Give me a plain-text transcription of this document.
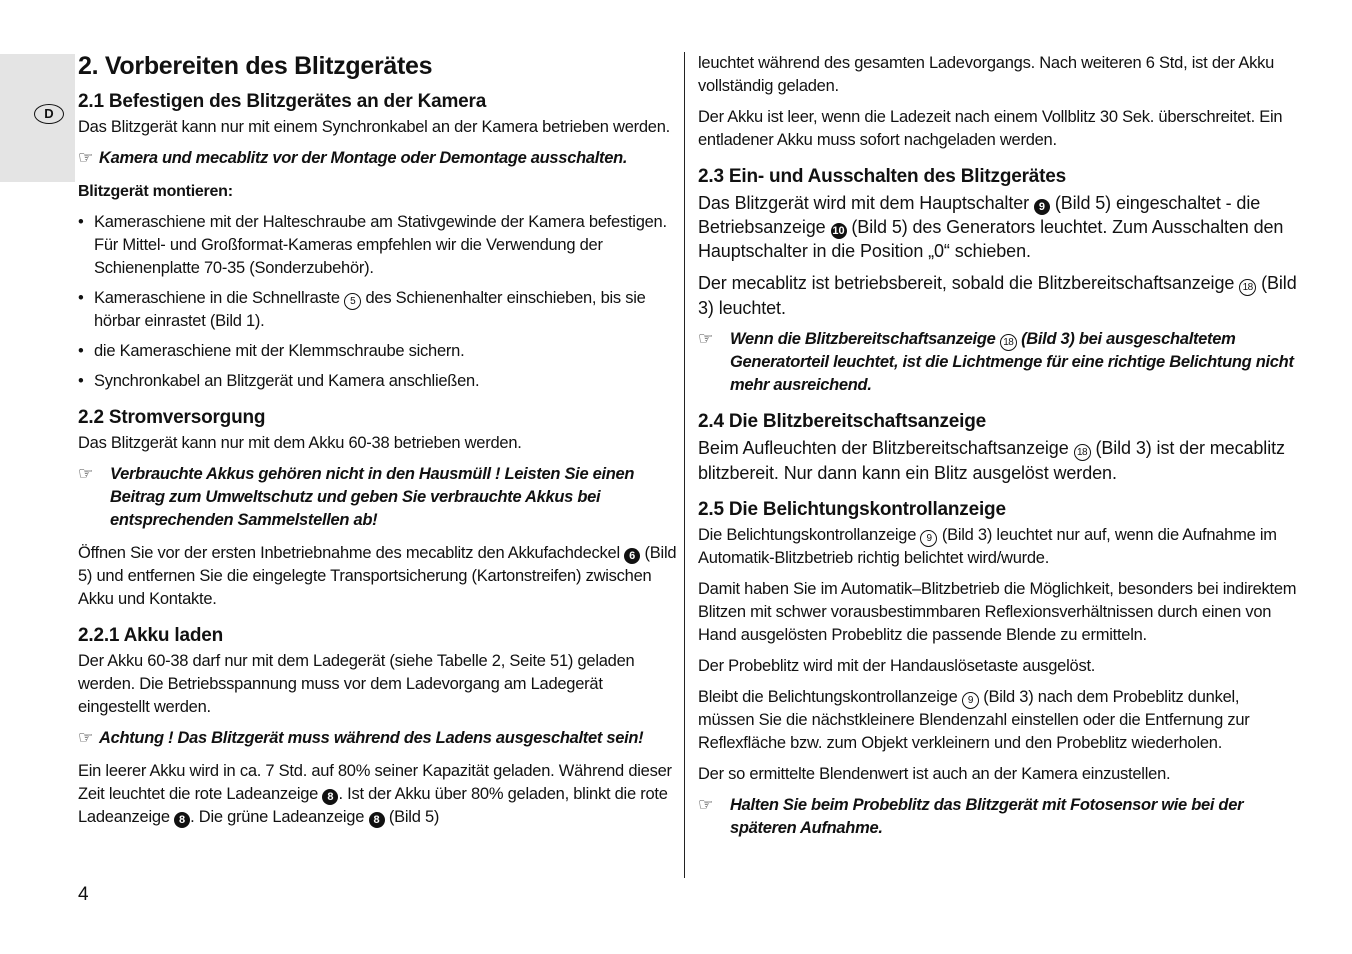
D
2. Vorbereiten des Blitzgerätes
2.1 Befestigen des Blitzgerätes an der Kamera

Das Blitzgerät kann nur mit einem Synchronkabel an der Kamera betrieben werden.

☞ Kamera und mecablitz vor der Montage oder Demontage ausschalten.

Blitzgerät montieren:

• Kameraschiene mit der Halteschraube am Stativgewinde der Kamera befestigen. Für Mittel- und Großformat-Kameras empfehlen wir die Verwendung der Schienenplatte 70-35 (Sonderzubehör).
• Kameraschiene in die Schnellraste 5 des Schienenhalter einschieben, bis sie hörbar einrastet (Bild 1).
• die Kameraschiene mit der Klemmschraube sichern.
• Synchronkabel an Blitzgerät und Kamera anschließen.
2.2 Stromversorgung

Das Blitzgerät kann nur mit dem Akku 60-38 betrieben werden.

☞	Verbrauchte Akkus gehören nicht in den Hausmüll ! Leisten Sie einen Beitrag zum Umweltschutz und geben Sie verbrauchte Akkus bei entsprechenden Sammelstellen ab!

Öffnen Sie vor der ersten Inbetriebnahme des mecablitz den Akkufachdeckel 6 (Bild 5) und entfernen Sie die eingelegte Transportsicherung (Kartonstreifen) zwischen Akku und Kontakte.

2.2.1 Akku laden

Der Akku 60-38 darf nur mit dem Ladegerät (siehe Tabelle 2, Seite 51) geladen werden. Die Betriebsspannung muss vor dem Ladevorgang am Ladegerät eingestellt werden.

☞ Achtung ! Das Blitzgerät muss während des Ladens ausgeschaltet sein!

Ein leerer Akku wird in ca. 7 Std. auf 80% seiner Kapazität geladen. Während dieser Zeit leuchtet die rote Ladeanzeige 8 . Ist der Akku über 80% geladen, blinkt die rote Ladeanzeige 8 . Die grüne Ladeanzeige 8 (Bild 5)

leuchtet während des gesamten Ladevorgangs. Nach weiteren 6 Std, ist der Akku vollständig geladen.

Der Akku ist leer, wenn die Ladezeit nach einem Vollblitz 30 Sek. überschreitet. Ein entladener Akku muss sofort nachgeladen werden.

2.3 Ein- und Ausschalten des Blitzgerätes

Das Blitzgerät wird mit dem Hauptschalter 9 (Bild 5) eingeschaltet - die Betriebsanzeige 10 (Bild 5) des Generators leuchtet. Zum Ausschalten den Hauptschalter in die Position „0“ schieben.

Der mecablitz ist betriebsbereit, sobald die Blitzbereitschaftsanzeige 18 (Bild 3) leuchtet.

☞	Wenn die Blitzbereitschaftsanzeige 18 (Bild 3) bei ausgeschaltetem Generatorteil leuchtet, ist die Lichtmenge für eine richtige Belichtung nicht mehr ausreichend.
2.4 Die Blitzbereitschaftsanzeige

Beim Aufleuchten der Blitzbereitschaftsanzeige 18 (Bild 3) ist der mecablitz blitzbereit. Nur dann kann ein Blitz ausgelöst werden.

2.5 Die Belichtungskontrollanzeige

Die Belichtungskontrollanzeige 9 (Bild 3) leuchtet nur auf, wenn die Aufnahme im Automatik-Blitzbetrieb richtig belichtet wird/wurde.

Damit haben Sie im Automatik–Blitzbetrieb die Möglichkeit, besonders bei indirektem Blitzen mit schwer vorausbestimmbaren Reflexionsverhältnissen durch einen von Hand ausgelösten Probeblitz die passende Blende zu ermitteln.

Der Probeblitz wird mit der Handauslösetaste ausgelöst.

Bleibt die Belichtungskontrollanzeige 9 (Bild 3) nach dem Probeblitz dunkel, müssen Sie die nächstkleinere Blendenzahl einstellen oder die Entfernung zur Reflexfläche bzw. zum Objekt verkleinern und den Probeblitz wiederholen.

Der so ermittelte Blendenwert ist auch an der Kamera einzustellen.

☞	Halten Sie beim Probeblitz das Blitzgerät mit Fotosensor wie bei der späteren Aufnahme.
4
